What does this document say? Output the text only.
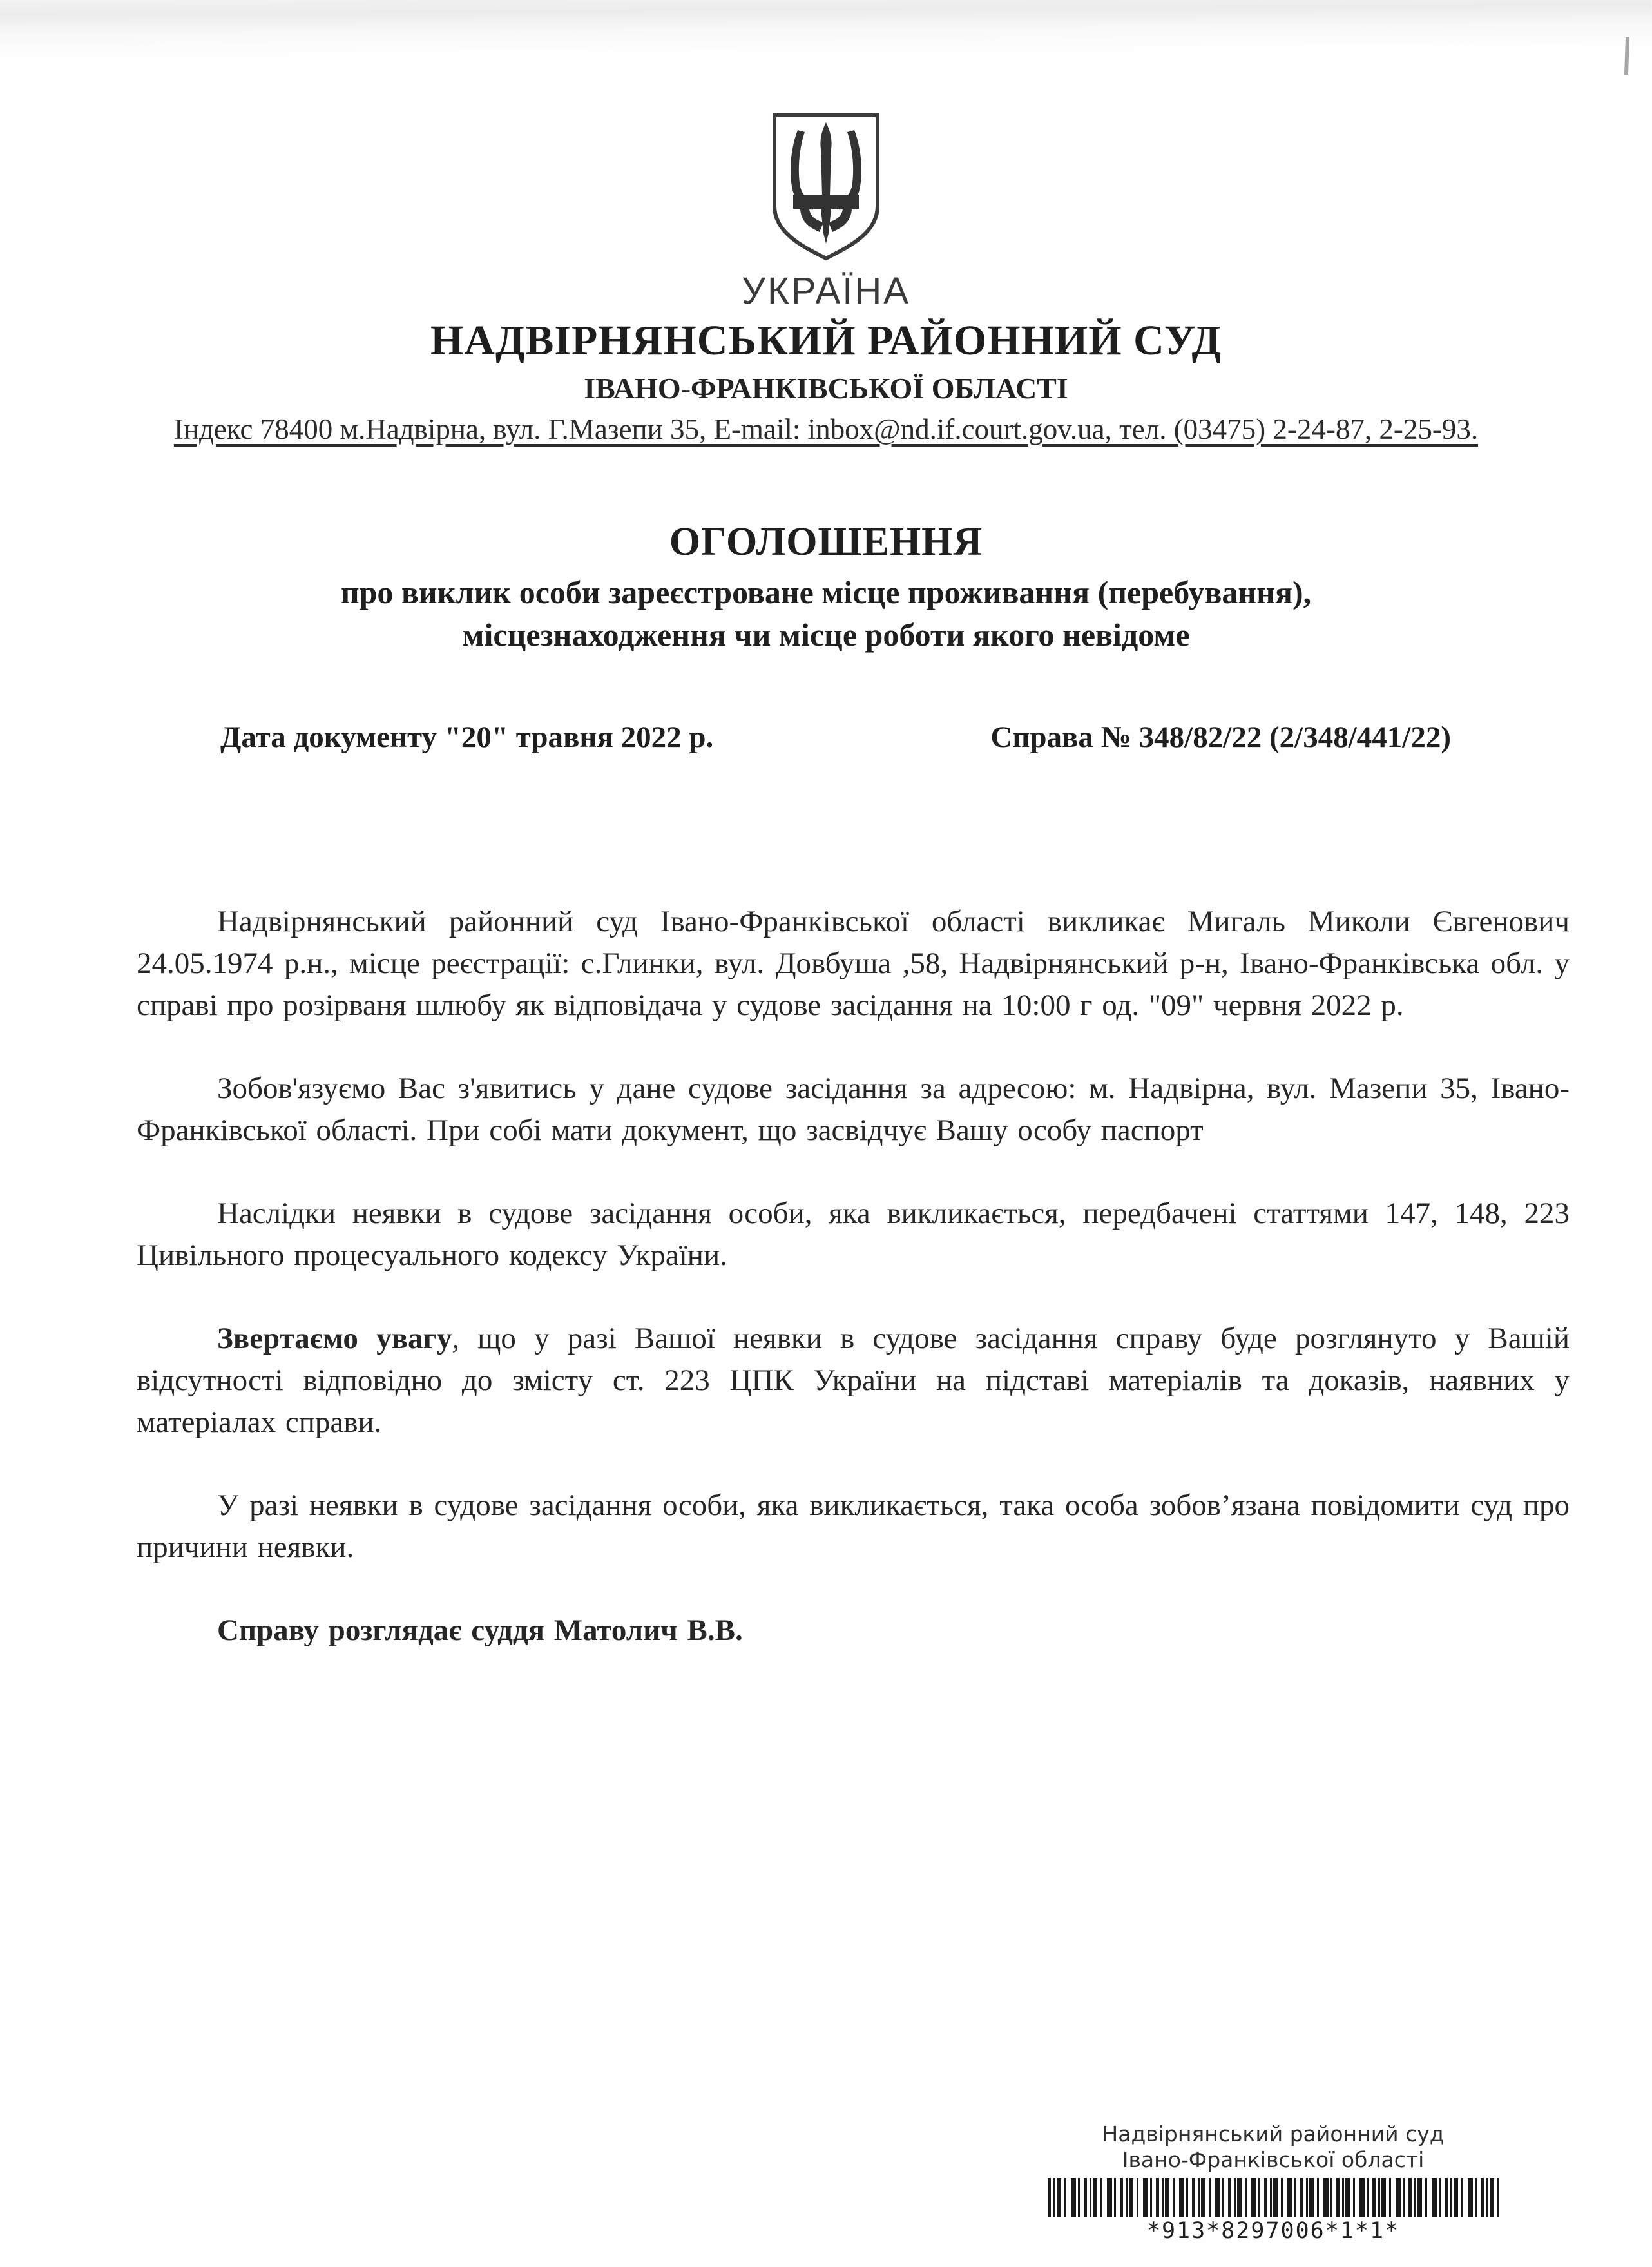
УКРАЇНА
НАДВІРНЯНСЬКИЙ РАЙОННИЙ СУД
ІВАНО-ФРАНКІВСЬКОЇ ОБЛАСТІ
Індекс 78400 м.Надвірна, вул. Г.Мазепи 35, E-mail: inbox@nd.if.court.gov.ua, тел. (03475) 2-24-87, 2-25-93.
ОГОЛОШЕННЯ
про виклик особи зареєстроване місце проживання (перебування),
місцезнаходження чи місце роботи якого невідоме
Дата документу "20" травня 2022 р.	Справа № 348/82/22 (2/348/441/22)

Надвірнянський районний суд Івано-Франківської області викликає Мигаль Миколи Євгенович 24.05.1974 р.н., місце реєстрації: с.Глинки, вул. Довбуша ,58, Надвірнянський р-н, Івано-Франківська обл. у справі про розірваня шлюбу як відповідача у судове засідання на 10:00 г од. "09" червня 2022 р.

Зобов'язуємо Вас з'явитись у дане судове засідання за адресою: м. Надвірна, вул. Мазепи 35, Івано-Франківської області. При собі мати документ, що засвідчує Вашу особу паспорт

Наслідки неявки в судове засідання особи, яка викликається, передбачені статтями 147, 148, 223 Цивільного процесуального кодексу України.

Звертаємо увагу, що у разі Вашої неявки в судове засідання справу буде розглянуто у Вашій відсутності відповідно до змісту ст. 223 ЦПК України на підставі матеріалів та доказів, наявних у матеріалах справи.

У разі неявки в судове засідання особи, яка викликається, така особа зобов’язана повідомити суд про причини неявки.

Справу розглядає суддя Матолич В.В.

Надвірнянський районний суд
Івано-Франківської області
*913*8297006*1*1*
